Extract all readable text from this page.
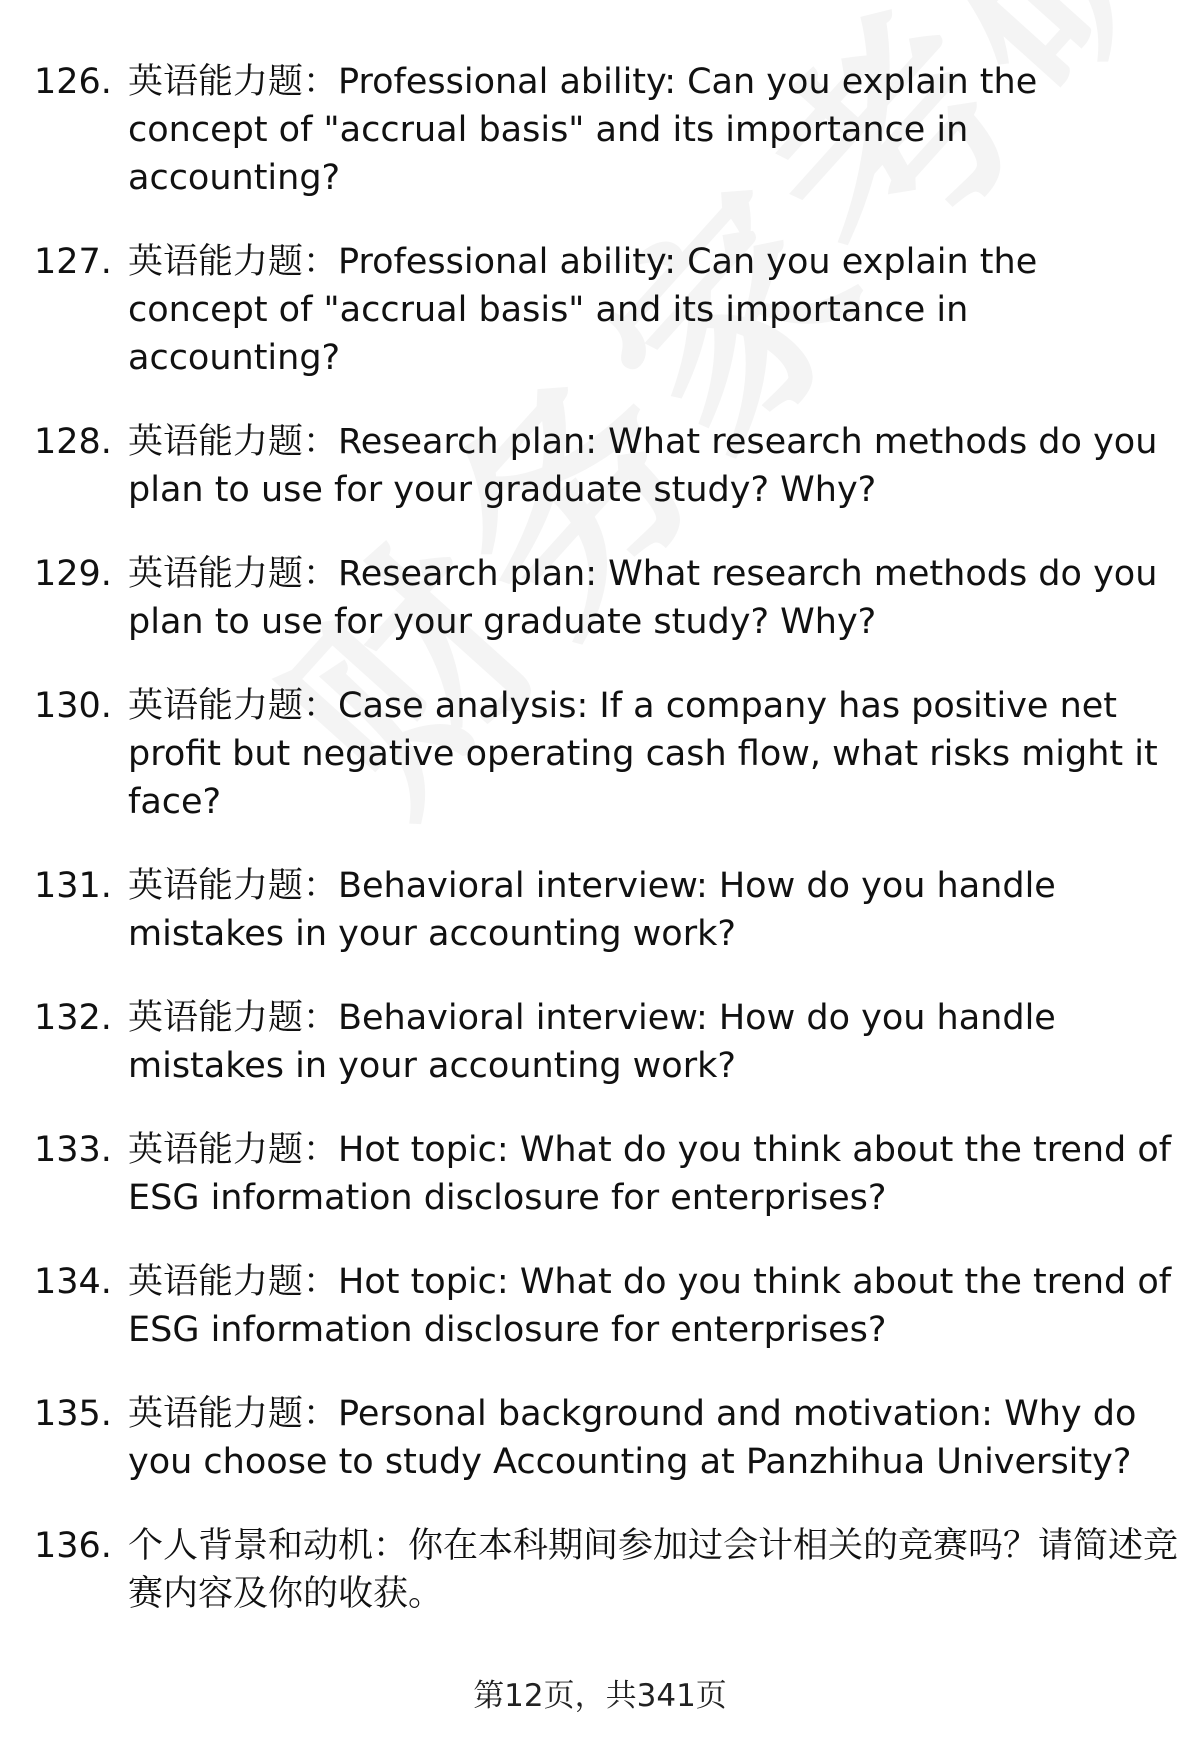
126. 英语能力题：Professional ability: Can you explain the concept of "accrual basis" and its importance in accounting?
127. 英语能力题：Professional ability: Can you explain the concept of "accrual basis" and its importance in accounting?
128. 英语能力题：Research plan: What research methods do you plan to use for your graduate study? Why?
129. 英语能力题：Research plan: What research methods do you plan to use for your graduate study? Why?
130. 英语能力题：Case analysis: If a company has positive net profit but negative operating cash flow, what risks might it face?
131. 英语能力题：Behavioral interview: How do you handle mistakes in your accounting work?
132. 英语能力题：Behavioral interview: How do you handle mistakes in your accounting work?
133. 英语能力题：Hot topic: What do you think about the trend of ESG information disclosure for enterprises?
134. 英语能力题：Hot topic: What do you think about the trend of ESG information disclosure for enterprises?
135. 英语能力题：Personal background and motivation: Why do you choose to study Accounting at Panzhihua University?
136. 个人背景和动机：你在本科期间参加过会计相关的竞赛吗？请简述竞赛内容及你的收获。
第12页，共341页
